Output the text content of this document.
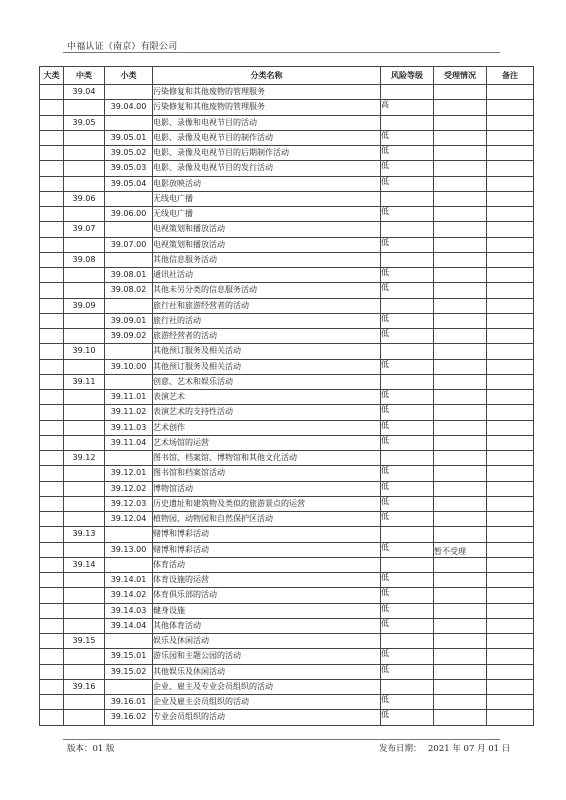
中福认证（南京）有限公司
大类	中类	小类	分类名称	风险等级	受理情况	备注
	39.04		污染修复和其他废物的管理服务			
		39.04.00	污染修复和其他废物的管理服务	高		
	39.05		电影、录像和电视节目的活动			
		39.05.01	电影、录像及电视节目的制作活动	低		
		39.05.02	电影、录像及电视节目的后期制作活动	低		
		39.05.03	电影、录像及电视节目的发行活动	低		
		39.05.04	电影放映活动	低		
	39.06		无线电广播			
		39.06.00	无线电广播	低		
	39.07		电视策划和播放活动			
		39.07.00	电视策划和播放活动	低		
	39.08		其他信息服务活动			
		39.08.01	通讯社活动	低		
		39.08.02	其他未另分类的信息服务活动	低		
	39.09		旅行社和旅游经营者的活动			
		39.09.01	旅行社的活动	低		
		39.09.02	旅游经营者的活动	低		
	39.10		其他预订服务及相关活动			
		39.10.00	其他预订服务及相关活动	低		
	39.11		创意、艺术和娱乐活动			
		39.11.01	表演艺术	低		
		39.11.02	表演艺术的支持性活动	低		
		39.11.03	艺术创作	低		
		39.11.04	艺术场馆的运营	低		
	39.12		图书馆、档案馆、博物馆和其他文化活动			
		39.12.01	图书馆和档案馆活动	低		
		39.12.02	博物馆活动	低		
		39.12.03	历史遗址和建筑物及类似的旅游景点的运营	低		
		39.12.04	植物园、动物园和自然保护区活动	低		
	39.13		赌博和博彩活动			
		39.13.00	赌博和博彩活动	低	暂不受理	
	39.14		体育活动			
		39.14.01	体育设施的运营	低		
		39.14.02	体育俱乐部的活动	低		
		39.14.03	健身设施	低		
		39.14.04	其他体育活动	低		
	39.15		娱乐及休闲活动			
		39.15.01	游乐园和主题公园的活动	低		
		39.15.02	其他娱乐及休闲活动	低		
	39.16		企业、雇主及专业会员组织的活动			
		39.16.01	企业及雇主会员组织的活动	低		
		39.16.02	专业会员组织的活动	低		
版本：01 版	发布日期： 2021 年 07 月 01 日
